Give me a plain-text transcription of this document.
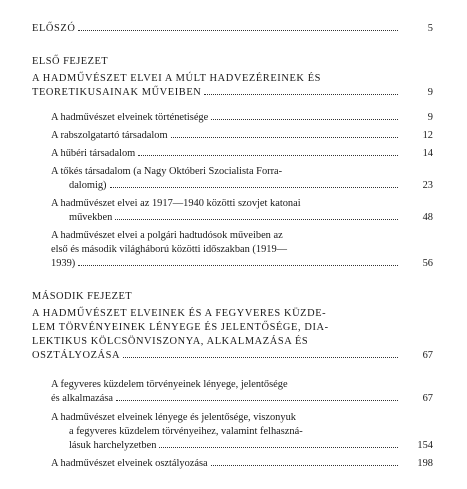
ELŐSZÓ	5
ELSŐ FEJEZET
A HADMŰVÉSZET ELVEI A MÚLT HADVEZÉREINEK ÉS
TEORETIKUSAINAK MŰVEIBEN	9
A hadművészet elveinek történetisége	9
A rabszolgatartó társadalom	12
A hűbéri társadalom	14
A tőkés társadalom (a Nagy Októberi Szocialista Forra-
dalomig)	23
A hadművészet elvei az 1917—1940 közötti szovjet katonai
művekben	48
A hadművészet elvei a polgári hadtudósok műveiben az
első és második világháború közötti időszakban (1919—
1939)	56
MÁSODIK FEJEZET
A HADMŰVÉSZET ELVEINEK ÉS A FEGYVERES KÜZDE-
LEM TÖRVÉNYEINEK LÉNYEGE ÉS JELENTŐSÉGE, DIA-
LEKTIKUS KÖLCSÖNVISZONYA, ALKALMAZÁSA ÉS
OSZTÁLYOZÁSA	67
A fegyveres küzdelem törvényeinek lényege, jelentősége
és alkalmazása	67
A hadművészet elveinek lényege és jelentősége, viszonyuk
a fegyveres küzdelem törvényeihez, valamint felhaszná-
lásuk harchelyzetben	154
A hadművészet elveinek osztályozása	198
